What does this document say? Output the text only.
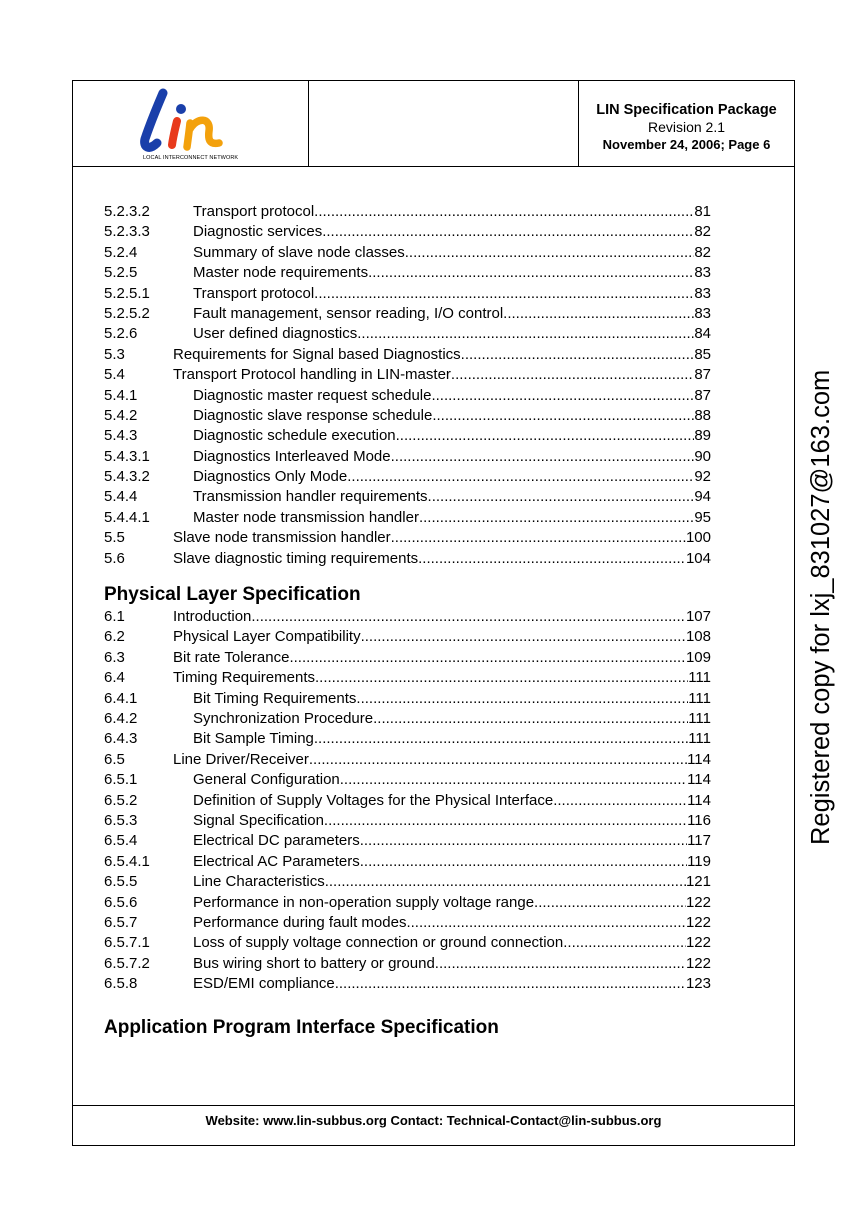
LOCAL INTERCONNECT NETWORK
LIN Specification Package
Revision 2.1
November 24, 2006; Page 6
Website: www.lin-subbus.org Contact: Technical-Contact@lin-subbus.org
5.2.3.2	Transport protocol .....	81
5.2.3.3	Diagnostic services .....	82
5.2.4	Summary of slave node classes .....	82
5.2.5	Master node requirements .....	83
5.2.5.1	Transport protocol .....	83
5.2.5.2	Fault management, sensor reading, I/O control .....	83
5.2.6	User defined diagnostics .....	84
5.3	Requirements for Signal based Diagnostics .....	85
5.4	Transport Protocol handling in LIN-master .....	87
5.4.1	Diagnostic master request schedule .....	87
5.4.2	Diagnostic slave response schedule .....	88
5.4.3	Diagnostic schedule execution .....	89
5.4.3.1	Diagnostics Interleaved Mode .....	90
5.4.3.2	Diagnostics Only Mode .....	92
5.4.4	Transmission handler requirements .....	94
5.4.4.1	Master node transmission handler .....	95
5.5	Slave node transmission handler .....	100
5.6	Slave diagnostic timing requirements .....	104
Physical Layer Specification
6.1	Introduction .....	107
6.2	Physical Layer Compatibility .....	108
6.3	Bit rate Tolerance .....	109
6.4	Timing Requirements .....	111
6.4.1	Bit Timing Requirements .....	111
6.4.2	Synchronization Procedure .....	111
6.4.3	Bit Sample Timing .....	111
6.5	Line Driver/Receiver .....	114
6.5.1	General Configuration .....	114
6.5.2	Definition of Supply Voltages for the Physical Interface .....	114
6.5.3	Signal Specification .....	116
6.5.4	Electrical DC parameters .....	117
6.5.4.1	Electrical AC Parameters .....	119
6.5.5	Line Characteristics .....	121
6.5.6	Performance in non-operation supply voltage range .....	122
6.5.7	Performance during fault modes .....	122
6.5.7.1	Loss of supply voltage connection or ground connection .....	122
6.5.7.2	Bus wiring short to battery or ground .....	122
6.5.8	ESD/EMI compliance .....	123
Application Program Interface Specification
Registered copy for lxj_831027@163.com
